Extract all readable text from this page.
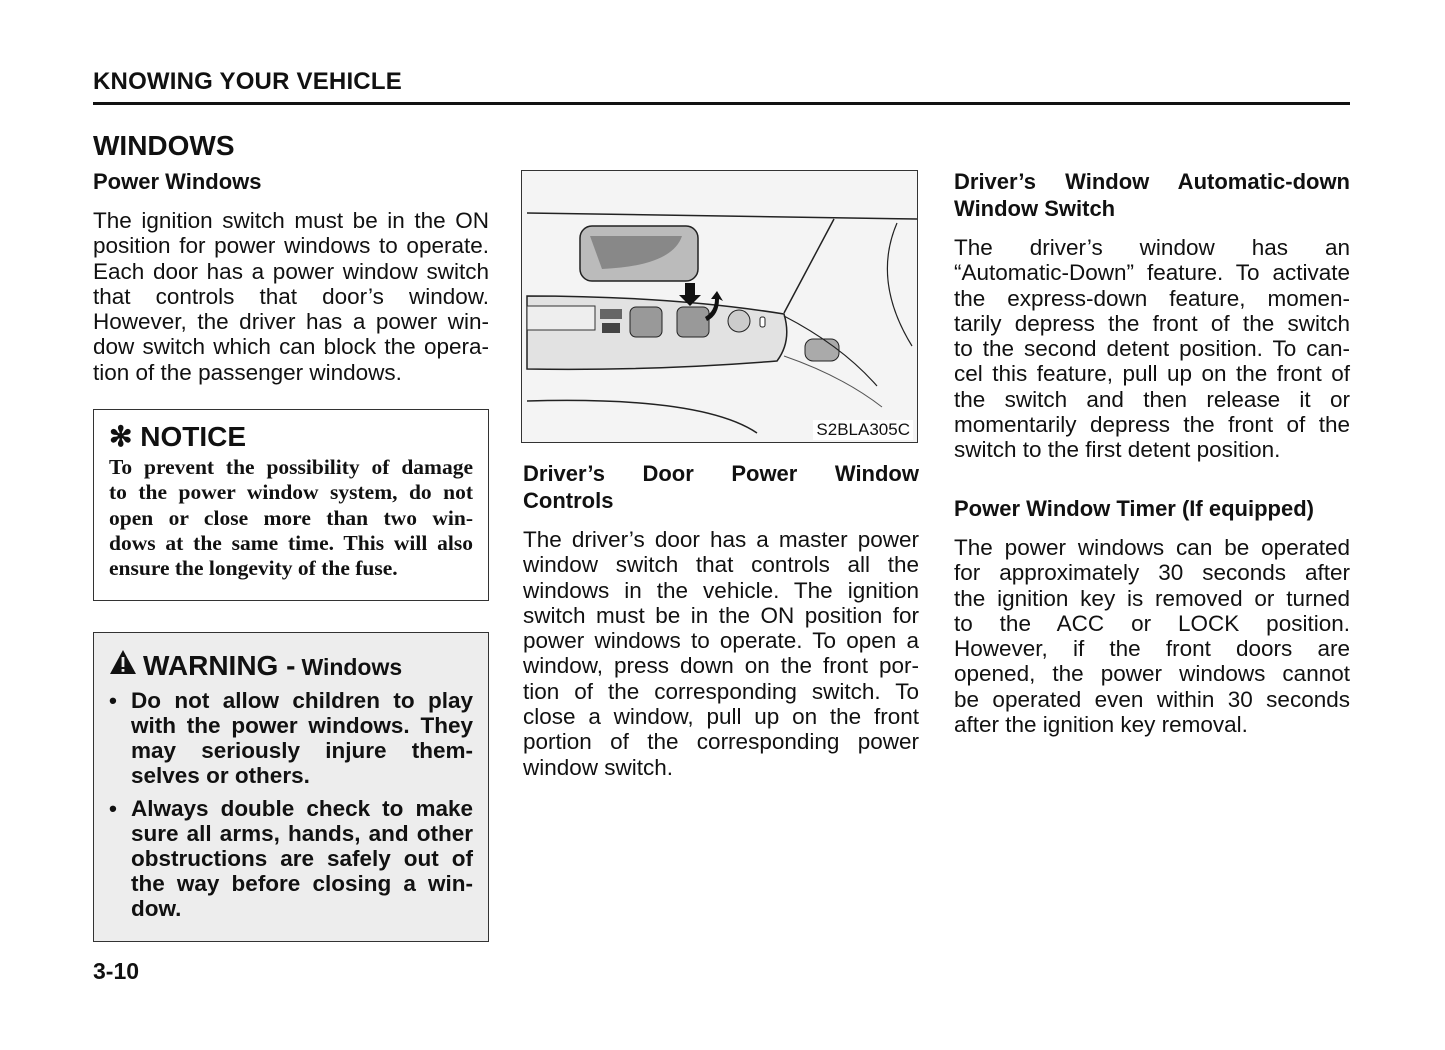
KNOWING YOUR VEHICLE
WINDOWS
Power Windows
The ignition switch must be in the ON
position for power windows to operate.
Each door has a power window switch
that controls that door’s window.
However, the driver has a power win-
dow switch which can block the opera-
tion of the passenger windows.
✻ NOTICE
To prevent the possibility of damage
to the power window system, do not
open or close more than two win-
dows at the same time. This will also
ensure the longevity of the fuse.
WARNING - Windows
• Do not allow children to play
with the power windows. They
may seriously injure them-
selves or others.
• Always double check to make
sure all arms, hands, and other
obstructions are safely out of
the way before closing a win-
dow.
3-10
S2BLA305C
Driver’s Door Power Window
Controls
The driver’s door has a master power
window switch that controls all the
windows in the vehicle. The ignition
switch must be in the ON position for
power windows to operate. To open a
window, press down on the front por-
tion of the corresponding switch. To
close a window, pull up on the front
portion of the corresponding power
window switch.
Driver’s Window Automatic-down
Window Switch
The driver’s window has an
“Automatic-Down” feature. To activate
the express-down feature, momen-
tarily depress the front of the switch
to the second detent position. To can-
cel this feature, pull up on the front of
the switch and then release it or
momentarily depress the front of the
switch to the first detent position.
Power Window Timer (If equipped)
The power windows can be operated
for approximately 30 seconds after
the ignition key is removed or turned
to the ACC or LOCK position.
However, if the front doors are
opened, the power windows cannot
be operated even within 30 seconds
after the ignition key removal.
